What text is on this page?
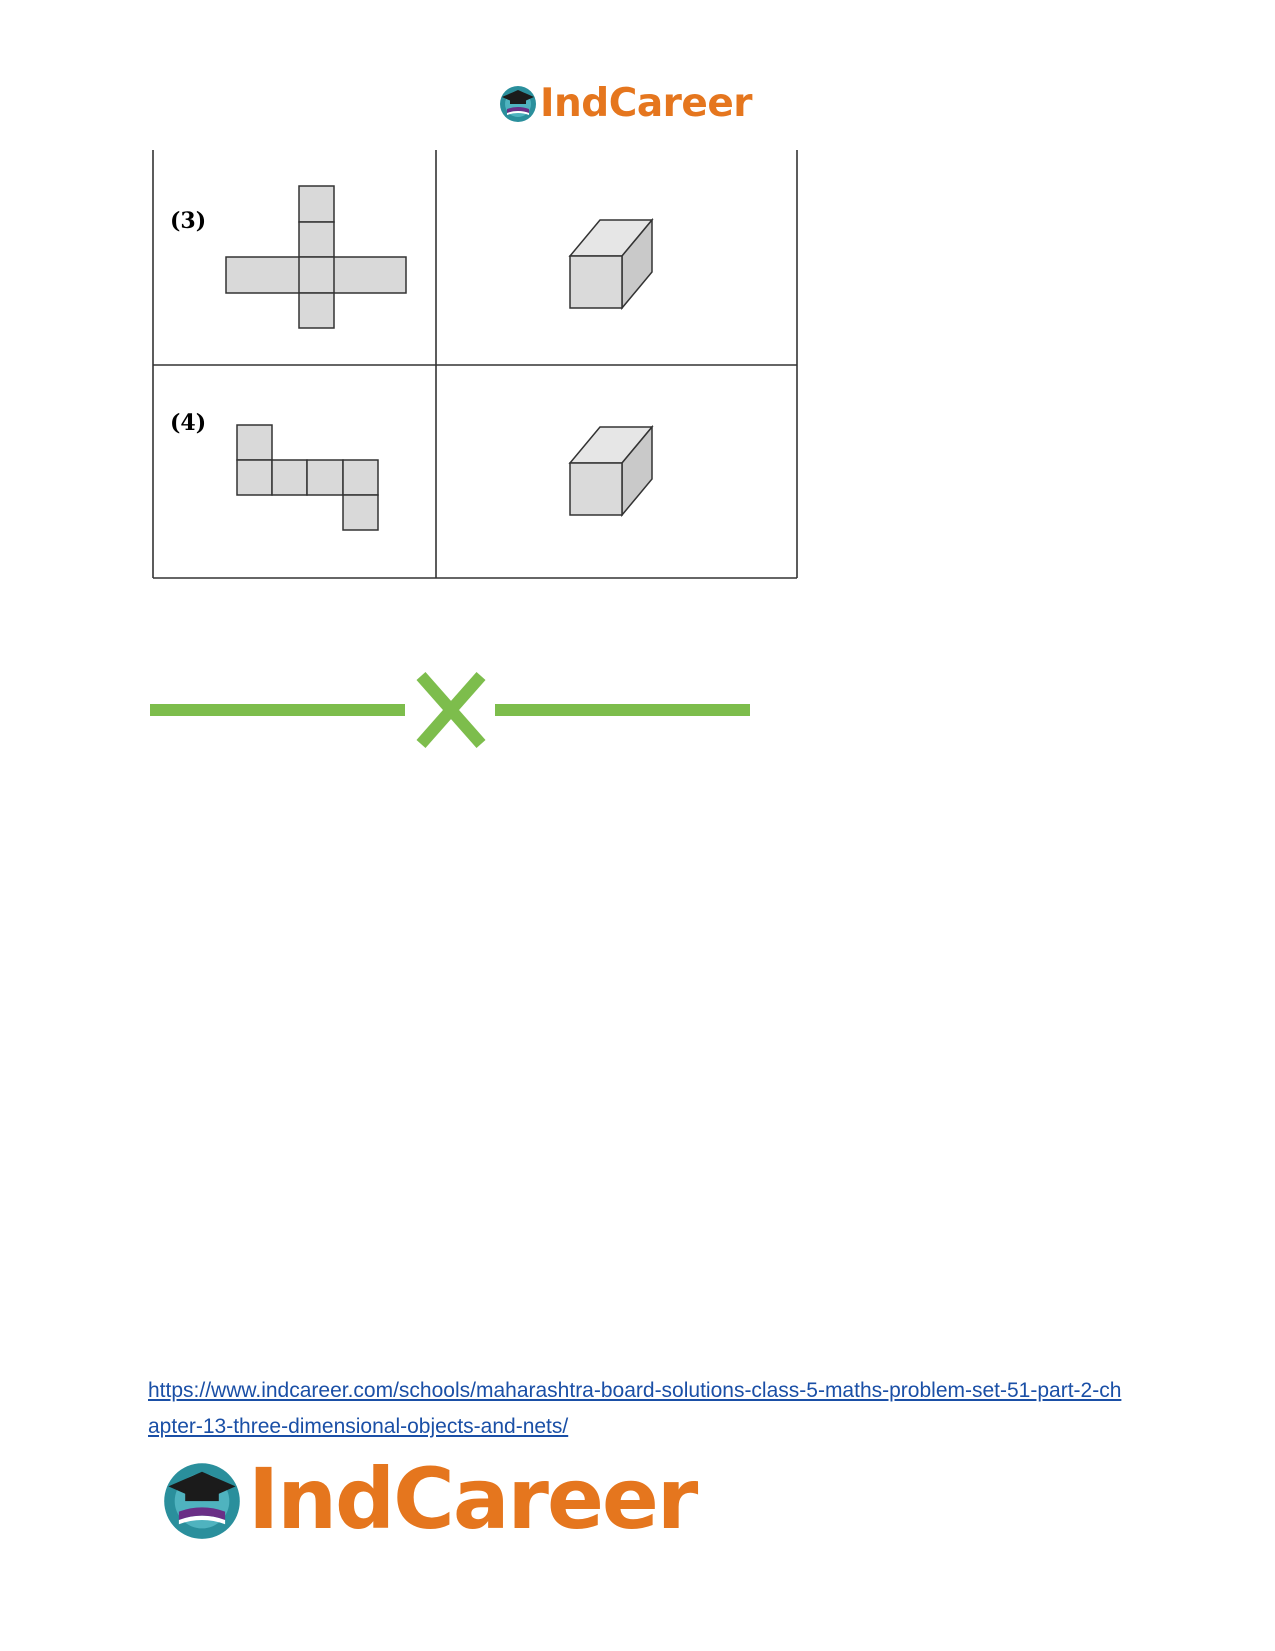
IndCareer
(3)
(4)
https://www.indcareer.com/schools/maharashtra-board-solutions-class-5-maths-problem-set-51-part-2-chapter-13-three-dimensional-objects-and-nets/
IndCareer
